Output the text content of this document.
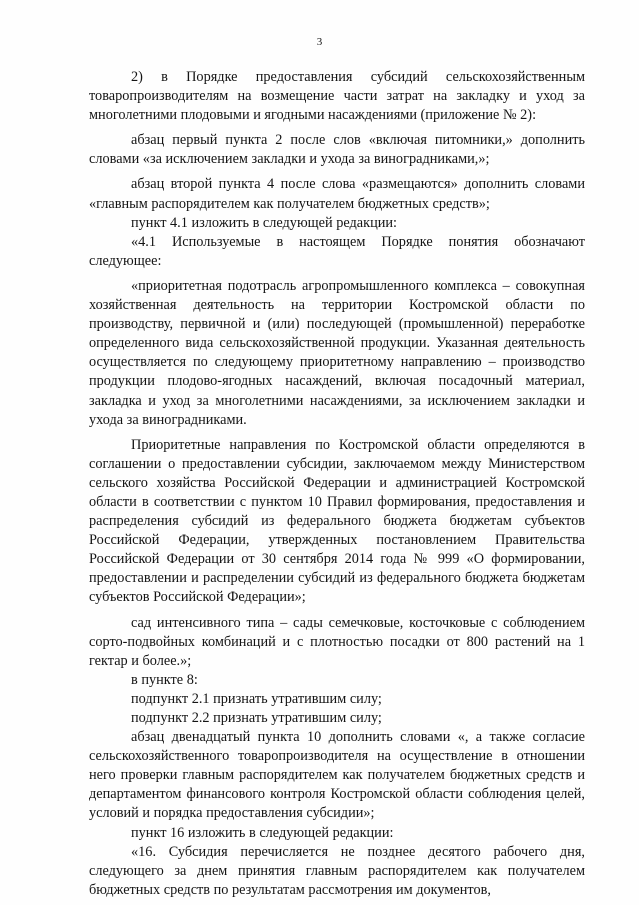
3

2) в Порядке предоставления субсидий сельскохозяйственным товаропроизводителям на возмещение части затрат на закладку и уход за многолетними плодовыми и ягодными насаждениями (приложение № 2):

абзац первый пункта 2 после слов «включая питомники,» дополнить словами «за исключением закладки и ухода за виноградниками,»;

абзац второй пункта 4 после слова «размещаются» дополнить словами «главным распорядителем как получателем бюджетных средств»;

пункт 4.1 изложить в следующей редакции:

«4.1 Используемые в настоящем Порядке понятия обозначают следующее:

«приоритетная подотрасль агропромышленного комплекса – совокупная хозяйственная деятельность на территории Костромской области по производству, первичной и (или) последующей (промышленной) переработке определенного вида сельскохозяйственной продукции. Указанная деятельность осуществляется по следующему приоритетному направлению – производство продукции плодово-ягодных насаждений, включая посадочный материал, закладка и уход за многолетними насаждениями, за исключением закладки и ухода за виноградниками.

Приоритетные направления по Костромской области определяются в соглашении о предоставлении субсидии, заключаемом между Министерством сельского хозяйства Российской Федерации и администрацией Костромской области в соответствии с пунктом 10 Правил формирования, предоставления и распределения субсидий из федерального бюджета бюджетам субъектов Российской Федерации, утвержденных постановлением Правительства Российской Федерации от 30 сентября 2014 года № 999 «О формировании, предоставлении и распределении субсидий из федерального бюджета бюджетам субъектов Российской Федерации»;

сад интенсивного типа – сады семечковые, косточковые с соблюдением сорто-подвойных комбинаций и с плотностью посадки от 800 растений на 1 гектар и более.»;

в пункте 8:

подпункт 2.1 признать утратившим силу;

подпункт 2.2 признать утратившим силу;

абзац двенадцатый пункта 10 дополнить словами «, а также согласие сельскохозяйственного товаропроизводителя на осуществление в отношении него проверки главным распорядителем как получателем бюджетных средств и департаментом финансового контроля Костромской области соблюдения целей, условий и порядка предоставления субсидии»;

пункт 16 изложить в следующей редакции:

«16. Субсидия перечисляется не позднее десятого рабочего дня, следующего за днем принятия главным распорядителем как получателем бюджетных средств по результатам рассмотрения им документов,
